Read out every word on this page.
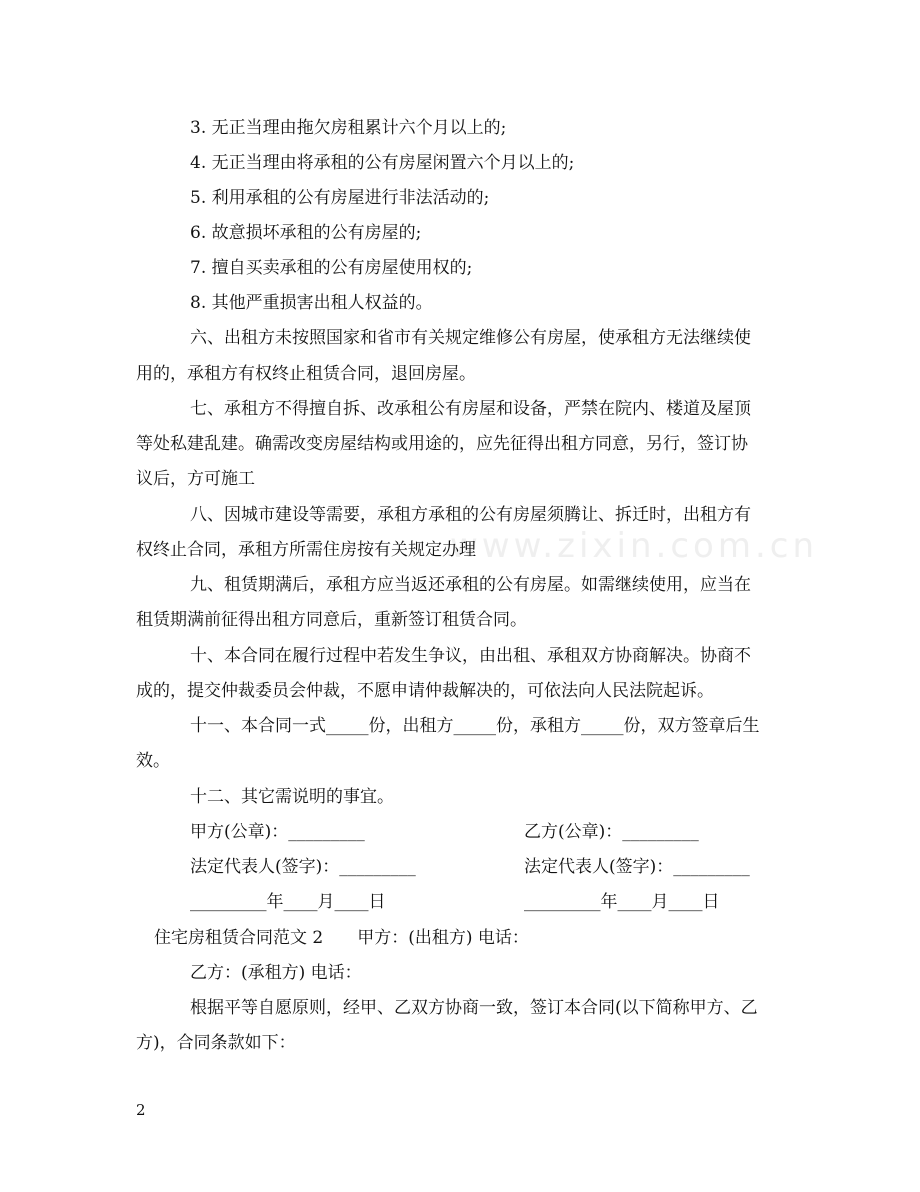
www.zixin.com.cn
3. 无正当理由拖欠房租累计六个月以上的;
4. 无正当理由将承租的公有房屋闲置六个月以上的;
5. 利用承租的公有房屋进行非法活动的;
6. 故意损坏承租的公有房屋的;
7. 擅自买卖承租的公有房屋使用权的;
8. 其他严重损害出租人权益的。
六、出租方未按照国家和省市有关规定维修公有房屋，使承租方无法继续使
用的，承租方有权终止租赁合同，退回房屋。
七、承租方不得擅自拆、改承租公有房屋和设备，严禁在院内、楼道及屋顶
等处私建乱建。确需改变房屋结构或用途的，应先征得出租方同意，另行，签订协
议后，方可施工
八、因城市建设等需要，承租方承租的公有房屋须腾让、拆迁时，出租方有
权终止合同，承租方所需住房按有关规定办理
九、租赁期满后，承租方应当返还承租的公有房屋。如需继续使用，应当在
租赁期满前征得出租方同意后，重新签订租赁合同。
十、本合同在履行过程中若发生争议，由出租、承租双方协商解决。协商不
成的，提交仲裁委员会仲裁，不愿申请仲裁解决的，可依法向人民法院起诉。
十一、本合同一式_____份，出租方_____份，承租方_____份，双方签章后生
效。
十二、其它需说明的事宜。
甲方(公章)：_________	乙方(公章)：_________
法定代表人(签字)：_________	法定代表人(签字)：_________
_________年____月____日	_________年____月____日
住宅房租赁合同范文 2　　甲方：(出租方) 电话：
乙方：(承租方) 电话：
根据平等自愿原则，经甲、乙双方协商一致，签订本合同(以下简称甲方、乙
方)，合同条款如下：
2
